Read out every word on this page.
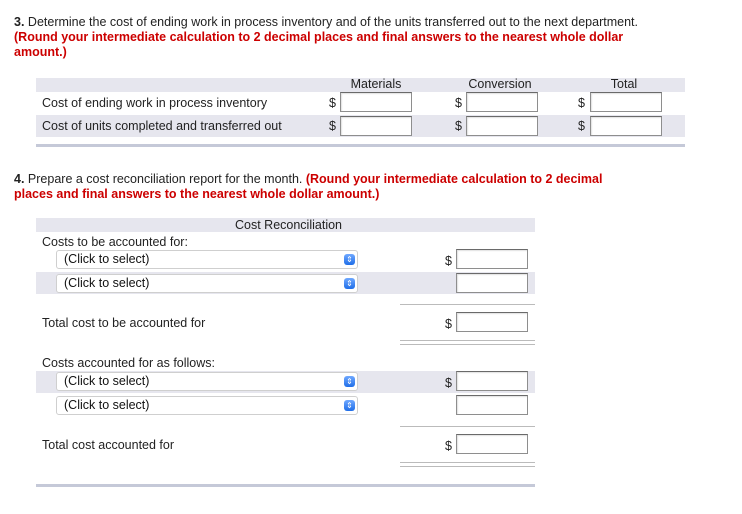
3. Determine the cost of ending work in process inventory and of the units transferred out to the next department. (Round your intermediate calculation to 2 decimal places and final answers to the nearest whole dollar amount.)
Materials	Conversion	Total
Cost of ending work in process inventory	$	$	$
Cost of units completed and transferred out	$	$	$
4. Prepare a cost reconciliation report for the month. (Round your intermediate calculation to 2 decimal places and final answers to the nearest whole dollar amount.)
Cost Reconciliation
Costs to be accounted for:
(Click to select)	⇕	$
(Click to select)	⇕
Total cost to be accounted for	$
Costs accounted for as follows:
(Click to select)	⇕	$
(Click to select)	⇕
Total cost accounted for	$
